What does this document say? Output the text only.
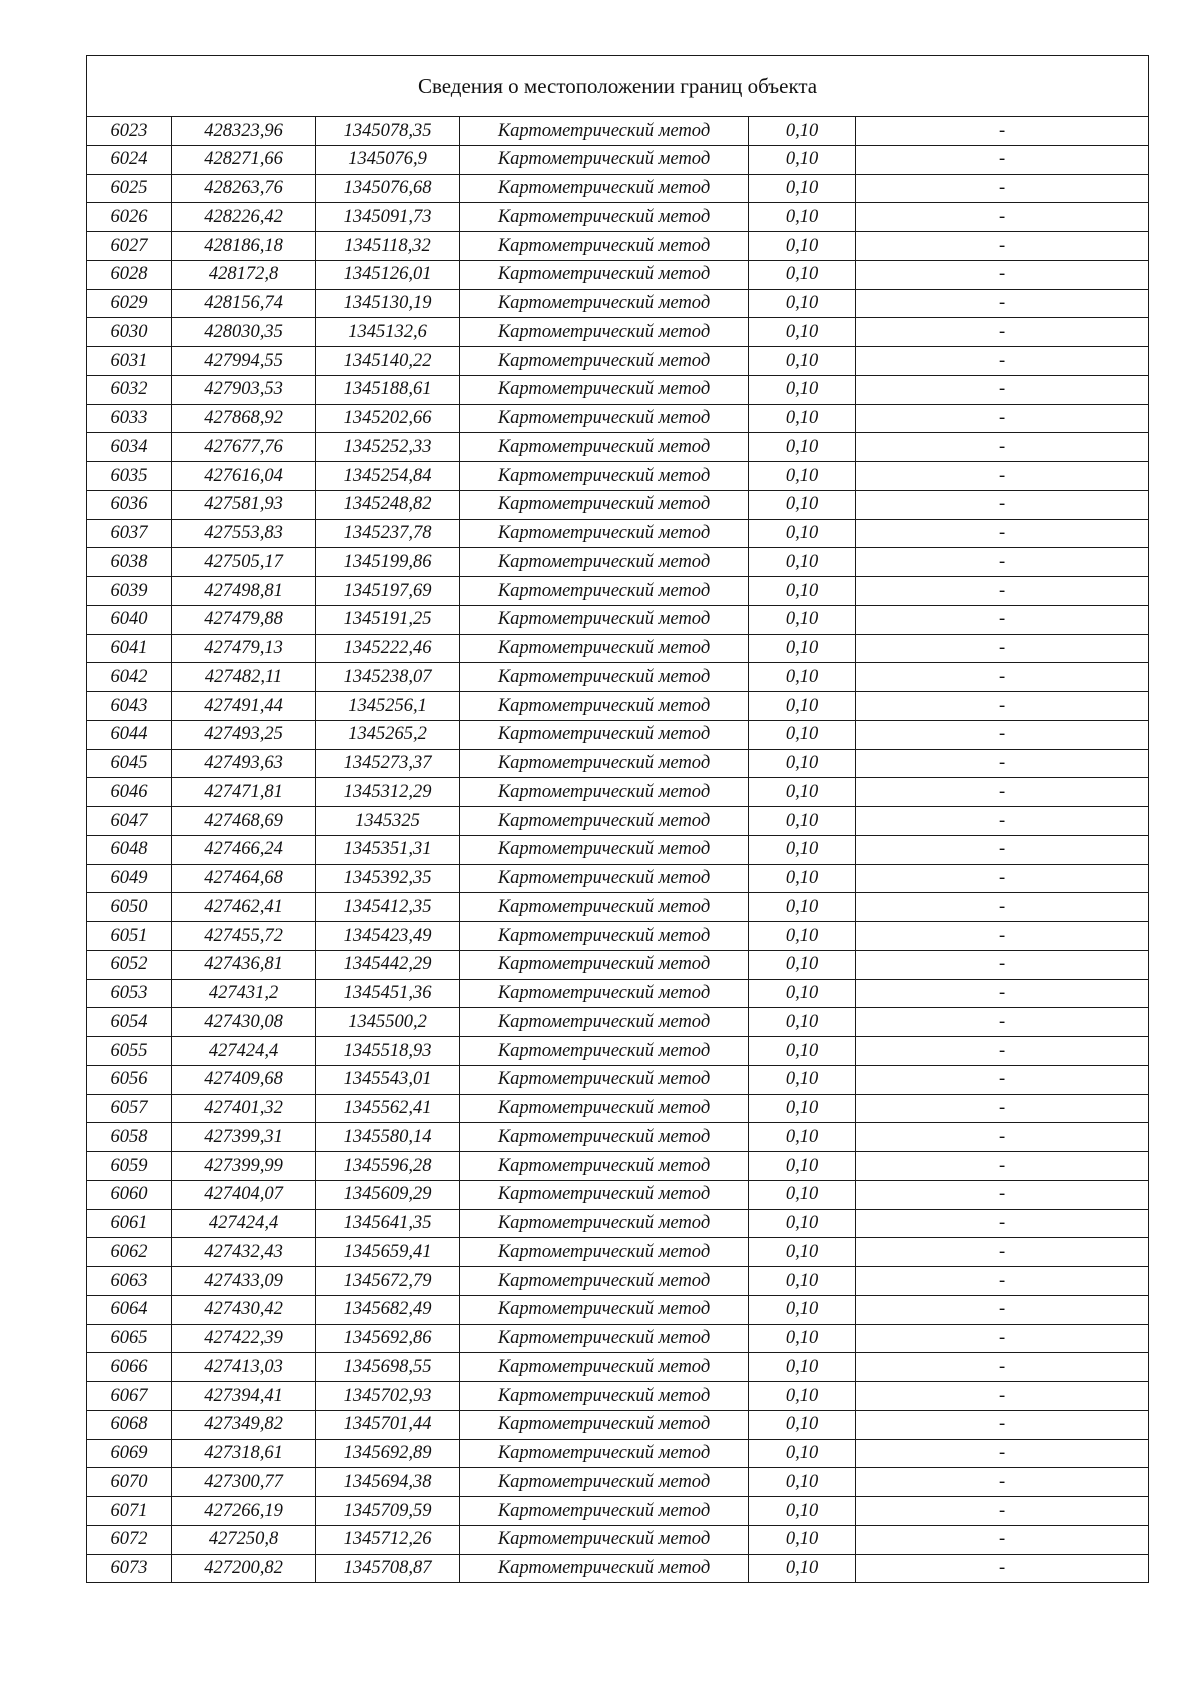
Сведения о местоположении границ объекта					
6023	428323,96	1345078,35	Картометрический метод	0,10	-
6024	428271,66	1345076,9	Картометрический метод	0,10	-
6025	428263,76	1345076,68	Картометрический метод	0,10	-
6026	428226,42	1345091,73	Картометрический метод	0,10	-
6027	428186,18	1345118,32	Картометрический метод	0,10	-
6028	428172,8	1345126,01	Картометрический метод	0,10	-
6029	428156,74	1345130,19	Картометрический метод	0,10	-
6030	428030,35	1345132,6	Картометрический метод	0,10	-
6031	427994,55	1345140,22	Картометрический метод	0,10	-
6032	427903,53	1345188,61	Картометрический метод	0,10	-
6033	427868,92	1345202,66	Картометрический метод	0,10	-
6034	427677,76	1345252,33	Картометрический метод	0,10	-
6035	427616,04	1345254,84	Картометрический метод	0,10	-
6036	427581,93	1345248,82	Картометрический метод	0,10	-
6037	427553,83	1345237,78	Картометрический метод	0,10	-
6038	427505,17	1345199,86	Картометрический метод	0,10	-
6039	427498,81	1345197,69	Картометрический метод	0,10	-
6040	427479,88	1345191,25	Картометрический метод	0,10	-
6041	427479,13	1345222,46	Картометрический метод	0,10	-
6042	427482,11	1345238,07	Картометрический метод	0,10	-
6043	427491,44	1345256,1	Картометрический метод	0,10	-
6044	427493,25	1345265,2	Картометрический метод	0,10	-
6045	427493,63	1345273,37	Картометрический метод	0,10	-
6046	427471,81	1345312,29	Картометрический метод	0,10	-
6047	427468,69	1345325	Картометрический метод	0,10	-
6048	427466,24	1345351,31	Картометрический метод	0,10	-
6049	427464,68	1345392,35	Картометрический метод	0,10	-
6050	427462,41	1345412,35	Картометрический метод	0,10	-
6051	427455,72	1345423,49	Картометрический метод	0,10	-
6052	427436,81	1345442,29	Картометрический метод	0,10	-
6053	427431,2	1345451,36	Картометрический метод	0,10	-
6054	427430,08	1345500,2	Картометрический метод	0,10	-
6055	427424,4	1345518,93	Картометрический метод	0,10	-
6056	427409,68	1345543,01	Картометрический метод	0,10	-
6057	427401,32	1345562,41	Картометрический метод	0,10	-
6058	427399,31	1345580,14	Картометрический метод	0,10	-
6059	427399,99	1345596,28	Картометрический метод	0,10	-
6060	427404,07	1345609,29	Картометрический метод	0,10	-
6061	427424,4	1345641,35	Картометрический метод	0,10	-
6062	427432,43	1345659,41	Картометрический метод	0,10	-
6063	427433,09	1345672,79	Картометрический метод	0,10	-
6064	427430,42	1345682,49	Картометрический метод	0,10	-
6065	427422,39	1345692,86	Картометрический метод	0,10	-
6066	427413,03	1345698,55	Картометрический метод	0,10	-
6067	427394,41	1345702,93	Картометрический метод	0,10	-
6068	427349,82	1345701,44	Картометрический метод	0,10	-
6069	427318,61	1345692,89	Картометрический метод	0,10	-
6070	427300,77	1345694,38	Картометрический метод	0,10	-
6071	427266,19	1345709,59	Картометрический метод	0,10	-
6072	427250,8	1345712,26	Картометрический метод	0,10	-
6073	427200,82	1345708,87	Картометрический метод	0,10	-
